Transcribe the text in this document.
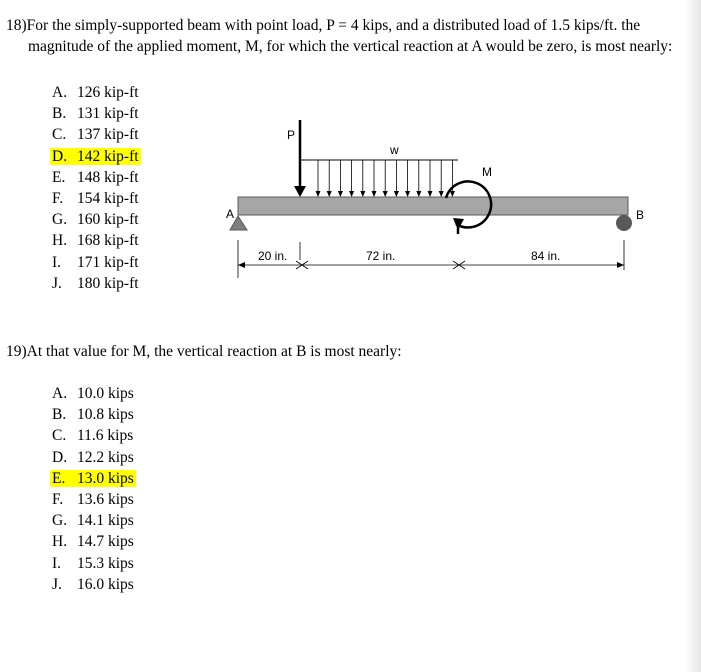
18)For the simply-supported beam with point load, P = 4 kips, and a distributed load of 1.5 kips/ft. the
magnitude of the applied moment, M, for which the vertical reaction at A would be zero, is most nearly:
A. 126 kip-ft
B. 131 kip-ft
C. 137 kip-ft
D. 142 kip-ft
E. 148 kip-ft
F. 154 kip-ft
G. 160 kip-ft
H. 168 kip-ft
I. 171 kip-ft
J. 180 kip-ft
A	B
P
w
M
20 in.	72 in.	84 in.
19)At that value for M, the vertical reaction at B is most nearly:
A. 10.0 kips
B. 10.8 kips
C. 11.6 kips
D. 12.2 kips
E. 13.0 kips
F. 13.6 kips
G. 14.1 kips
H. 14.7 kips
I. 15.3 kips
J. 16.0 kips
